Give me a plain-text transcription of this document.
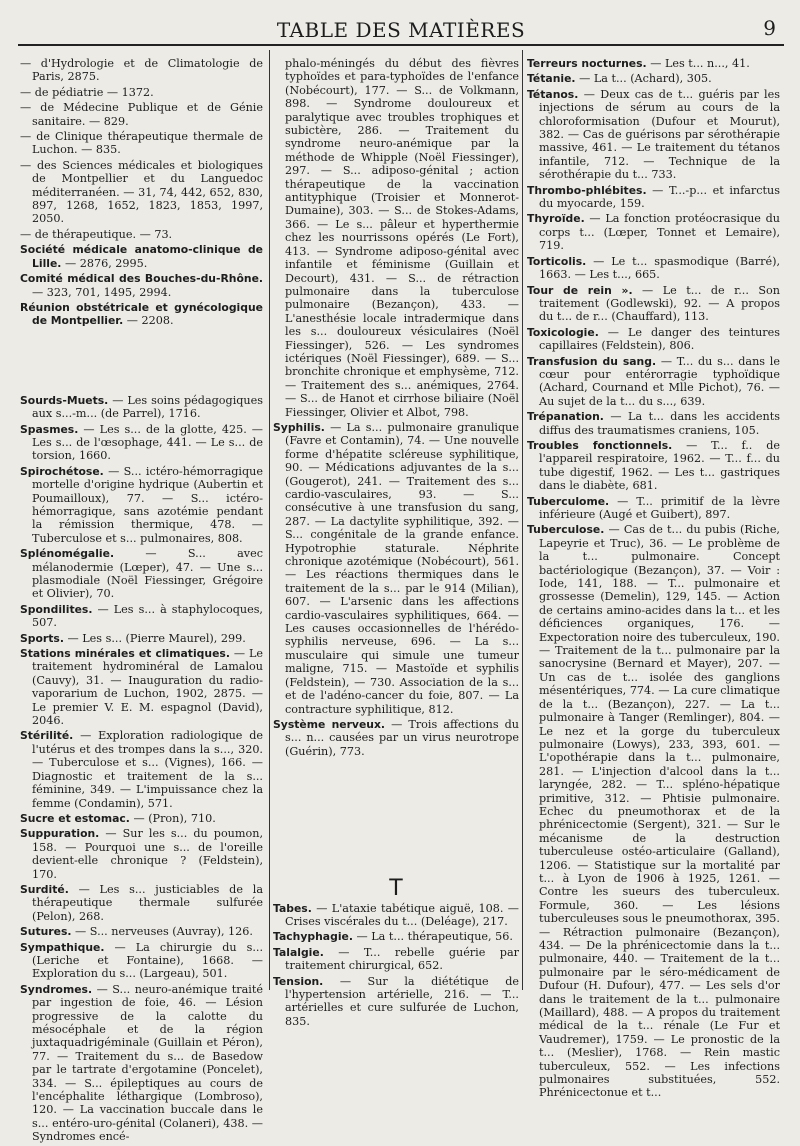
TABLE DES MATIÈRES	9

— d'Hydrologie et de Climatologie de Paris, 2875.

— de pédiatrie — 1372.

— de Médecine Publique et de Génie sanitaire. — 829.

— de Clinique thérapeutique thermale de Luchon. — 835.

— des Sciences médicales et biologiques de Montpellier et du Languedoc méditerranéen. — 31, 74, 442, 652, 830, 897, 1268, 1652, 1823, 1853, 1997, 2050.

— de thérapeutique. — 73.

Société médicale anatomo-clinique de Lille. — 2876, 2995.

Comité médical des Bouches-du-Rhône. — 323, 701, 1495, 2994.

Réunion obstétricale et gynécologique de Montpellier. — 2208.

Sourds-Muets. — Les soins pédagogiques aux s...-m... (de Parrel), 1716.

Spasmes. — Les s... de la glotte, 425. — Les s... de l'œsophage, 441. — Le s... de torsion, 1660.

Spirochétose. — S... ictéro-hémorragique mortelle d'origine hydrique (Aubertin et Poumailloux), 77. — S... ictéro-hémorragique, sans azotémie pendant la rémission thermique, 478. — Tuberculose et s... pulmonaires, 808.

Splénomégalie. — S... avec mélanodermie (Lœper), 47. — Une s... plasmodiale (Noël Fiessinger, Grégoire et Olivier), 70.

Spondilites. — Les s... à staphylocoques, 507.

Sports. — Les s... (Pierre Maurel), 299.

Stations minérales et climatiques. — Le traitement hydrominéral de Lamalou (Cauvy), 31. — Inauguration du radio-vaporarium de Luchon, 1902, 2875. — Le premier V. E. M. espagnol (David), 2046.

Stérilité. — Exploration radiologique de l'utérus et des trompes dans la s..., 320. — Tuberculose et s... (Vignes), 166. — Diagnostic et traitement de la s... féminine, 349. — L'impuissance chez la femme (Condamin), 571.

Sucre et estomac. — (Pron), 710.

Suppuration. — Sur les s... du poumon, 158. — Pourquoi une s... de l'oreille devient-elle chronique ? (Feldstein), 170.

Surdité. — Les s... justiciables de la thérapeutique thermale sulfurée (Pelon), 268.

Sutures. — S... nerveuses (Auvray), 126.

Sympathique. — La chirurgie du s... (Leriche et Fontaine), 1668. — Exploration du s... (Largeau), 501.

Syndromes. — S... neuro-anémique traité par ingestion de foie, 46. — Lésion progressive de la calotte du mésocéphale et de la région juxtaquadrigéminale (Guillain et Péron), 77. — Traitement du s... de Basedow par le tartrate d'ergotamine (Poncelet), 334. — S... épileptiques au cours de l'encéphalite léthargique (Lombroso), 120. — La vaccination buccale dans le s... entéro-uro-génital (Colaneri), 438. — Syndromes encé-

phalo-méningés du début des fièvres typhoïdes et para-typhoïdes de l'enfance (Nobécourt), 177. — S... de Volkmann, 898. — Syndrome douloureux et paralytique avec troubles trophiques et subictère, 286. — Traitement du syndrome neuro-anémique par la méthode de Whipple (Noël Fiessinger), 297. — S... adiposo-génital ; action thérapeutique de la vaccination antityphique (Troisier et Monnerot-Dumaine), 303. — S... de Stokes-Adams, 366. — Le s... pâleur et hyperthermie chez les nourrissons opérés (Le Fort), 413. — Syndrome adiposo-génital avec infantile et féminisme (Guillain et Decourt), 431. — S... de rétraction pulmonaire dans la tuberculose pulmonaire (Bezançon), 433. — L'anesthésie locale intradermique dans les s... douloureux vésiculaires (Noël Fiessinger), 526. — Les syndromes ictériques (Noël Fiessinger), 689. — S... bronchite chronique et emphysème, 712. — Traitement des s... anémiques, 2764. — S... de Hanot et cirrhose biliaire (Noël Fiessinger, Olivier et Albot, 798.

Syphilis. — La s... pulmonaire granulique (Favre et Contamin), 74. — Une nouvelle forme d'hépatite scléreuse syphilitique, 90. — Médications adjuvantes de la s... (Gougerot), 241. — Traitement des s... cardio-vasculaires, 93. — S... consécutive à une transfusion du sang, 287. — La dactylite syphilitique, 392. — S... congénitale de la grande enfance. Hypotrophie staturale. Néphrite chronique azotémique (Nobécourt), 561. — Les réactions thermiques dans le traitement de la s... par le 914 (Milian), 607. — L'arsenic dans les affections cardio-vasculaires syphilitiques, 664. — Les causes occasionnelles de l'hérédo-syphilis nerveuse, 696. — La s... musculaire qui simule une tumeur maligne, 715. — Mastoïde et syphilis (Feldstein), — 730. Association de la s... et de l'adéno-cancer du foie, 807. — La contracture syphilitique, 812.

Système nerveux. — Trois affections du s... n... causées par un virus neurotrope (Guérin), 773.

T

Tabes. — L'ataxie tabétique aiguë, 108. — Crises viscérales du t... (Deléage), 217.

Tachyphagie. — La t... thérapeutique, 56.

Talalgie. — T... rebelle guérie par traitement chirurgical, 652.

Tension. — Sur la diététique de l'hypertension artérielle, 216. — T... artérielles et cure sulfurée de Luchon, 835.

Terreurs nocturnes. — Les t... n..., 41.

Tétanie. — La t... (Achard), 305.

Tétanos. — Deux cas de t... guéris par les injections de sérum au cours de la chloroformisation (Dufour et Mourut), 382. — Cas de guérisons par sérothérapie massive, 461. — Le traitement du tétanos infantile, 712. — Technique de la sérothérapie du t... 733.

Thrombo-phlébites. — T...-p... et infarctus du myocarde, 159.

Thyroïde. — La fonction protéocrasique du corps t... (Lœper, Tonnet et Lemaire), 719.

Torticolis. — Le t... spasmodique (Barré), 1663. — Les t..., 665.

Tour de rein ». — Le t... de r... Son traitement (Godlewski), 92. — A propos du t... de r... (Chauffard), 113.

Toxicologie. — Le danger des teintures capillaires (Feldstein), 806.

Transfusion du sang. — T... du s... dans le cœur pour entérorragie typhoïdique (Achard, Cournand et Mlle Pichot), 76. — Au sujet de la t... du s..., 639.

Trépanation. — La t... dans les accidents diffus des traumatismes craniens, 105.

Troubles fonctionnels. — T... f.. de l'appareil respiratoire, 1962. — T... f... du tube digestif, 1962. — Les t... gastriques dans le diabète, 681.

Tuberculome. — T... primitif de la lèvre inférieure (Augé et Guibert), 897.

Tuberculose. — Cas de t... du pubis (Riche, Lapeyrie et Truc), 36. — Le problème de la t... pulmonaire. Concept bactériologique (Bezançon), 37. — Voir : Iode, 141, 188. — T... pulmonaire et grossesse (Demelin), 129, 145. — Action de certains amino-acides dans la t... et les déficiences organiques, 176. — Expectoration noire des tuberculeux, 190. — Traitement de la t... pulmonaire par la sanocrysine (Bernard et Mayer), 207. — Un cas de t... isolée des ganglions mésentériques, 774. — La cure climatique de la t... (Bezançon), 227. — La t... pulmonaire à Tanger (Remlinger), 804. — Le nez et la gorge du tuberculeux pulmonaire (Lowys), 233, 393, 601. — L'opothérapie dans la t... pulmonaire, 281. — L'injection d'alcool dans la t... laryngée, 282. — T... spléno-hépatique primitive, 312. — Phtisie pulmonaire. Echec du pneumothorax et de la phrénicectomie (Sergent), 321. — Sur le mécanisme de la destruction tuberculeuse ostéo-articulaire (Galland), 1206. — Statistique sur la mortalité par t... à Lyon de 1906 à 1925, 1261. — Contre les sueurs des tuberculeux. Formule, 360. — Les lésions tuberculeuses sous le pneumothorax, 395. — Rétraction pulmonaire (Bezançon), 434. — De la phrénicectomie dans la t... pulmonaire, 440. — Traitement de la t... pulmonaire par le séro-médicament de Dufour (H. Dufour), 477. — Les sels d'or dans le traitement de la t... pulmonaire (Maillard), 488. — A propos du traitement médical de la t... rénale (Le Fur et Vaudremer), 1759. — Le pronostic de la t... (Meslier), 1768. — Rein mastic tuberculeux, 552. — Les infections pulmonaires substituées, 552. Phrénicectonue et t...
